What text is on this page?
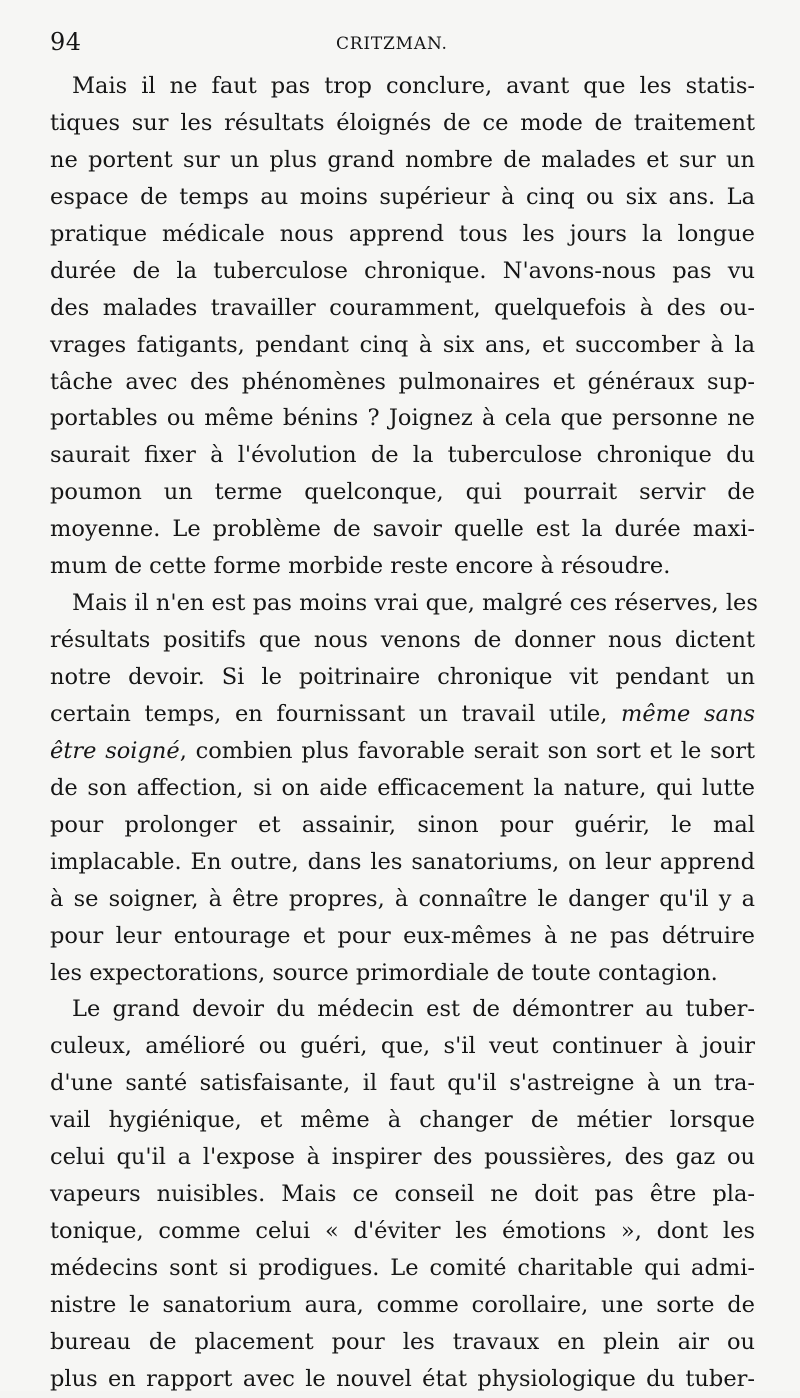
94	CRITZMAN.

Mais il ne faut pas trop conclure, avant que les statis-
tiques sur les résultats éloignés de ce mode de traitement
ne portent sur un plus grand nombre de malades et sur un
espace de temps au moins supérieur à cinq ou six ans. La
pratique médicale nous apprend tous les jours la longue
durée de la tuberculose chronique. N'avons-nous pas vu
des malades travailler couramment, quelquefois à des ou-
vrages fatigants, pendant cinq à six ans, et succomber à la
tâche avec des phénomènes pulmonaires et généraux sup-
portables ou même bénins ? Joignez à cela que personne ne
saurait fixer à l'évolution de la tuberculose chronique du
poumon un terme quelconque, qui pourrait servir de
moyenne. Le problème de savoir quelle est la durée maxi-
mum de cette forme morbide reste encore à résoudre.

Mais il n'en est pas moins vrai que, malgré ces réserves, les
résultats positifs que nous venons de donner nous dictent
notre devoir. Si le poitrinaire chronique vit pendant un
certain temps, en fournissant un travail utile, même sans
être soigné, combien plus favorable serait son sort et le sort
de son affection, si on aide efficacement la nature, qui lutte
pour prolonger et assainir, sinon pour guérir, le mal
implacable. En outre, dans les sanatoriums, on leur apprend
à se soigner, à être propres, à connaître le danger qu'il y a
pour leur entourage et pour eux-mêmes à ne pas détruire
les expectorations, source primordiale de toute contagion.

Le grand devoir du médecin est de démontrer au tuber-
culeux, amélioré ou guéri, que, s'il veut continuer à jouir
d'une santé satisfaisante, il faut qu'il s'astreigne à un tra-
vail hygiénique, et même à changer de métier lorsque
celui qu'il a l'expose à inspirer des poussières, des gaz ou
vapeurs nuisibles. Mais ce conseil ne doit pas être pla-
tonique, comme celui « d'éviter les émotions », dont les
médecins sont si prodigues. Le comité charitable qui admi-
nistre le sanatorium aura, comme corollaire, une sorte de
bureau de placement pour les travaux en plein air ou
plus en rapport avec le nouvel état physiologique du tuber-
